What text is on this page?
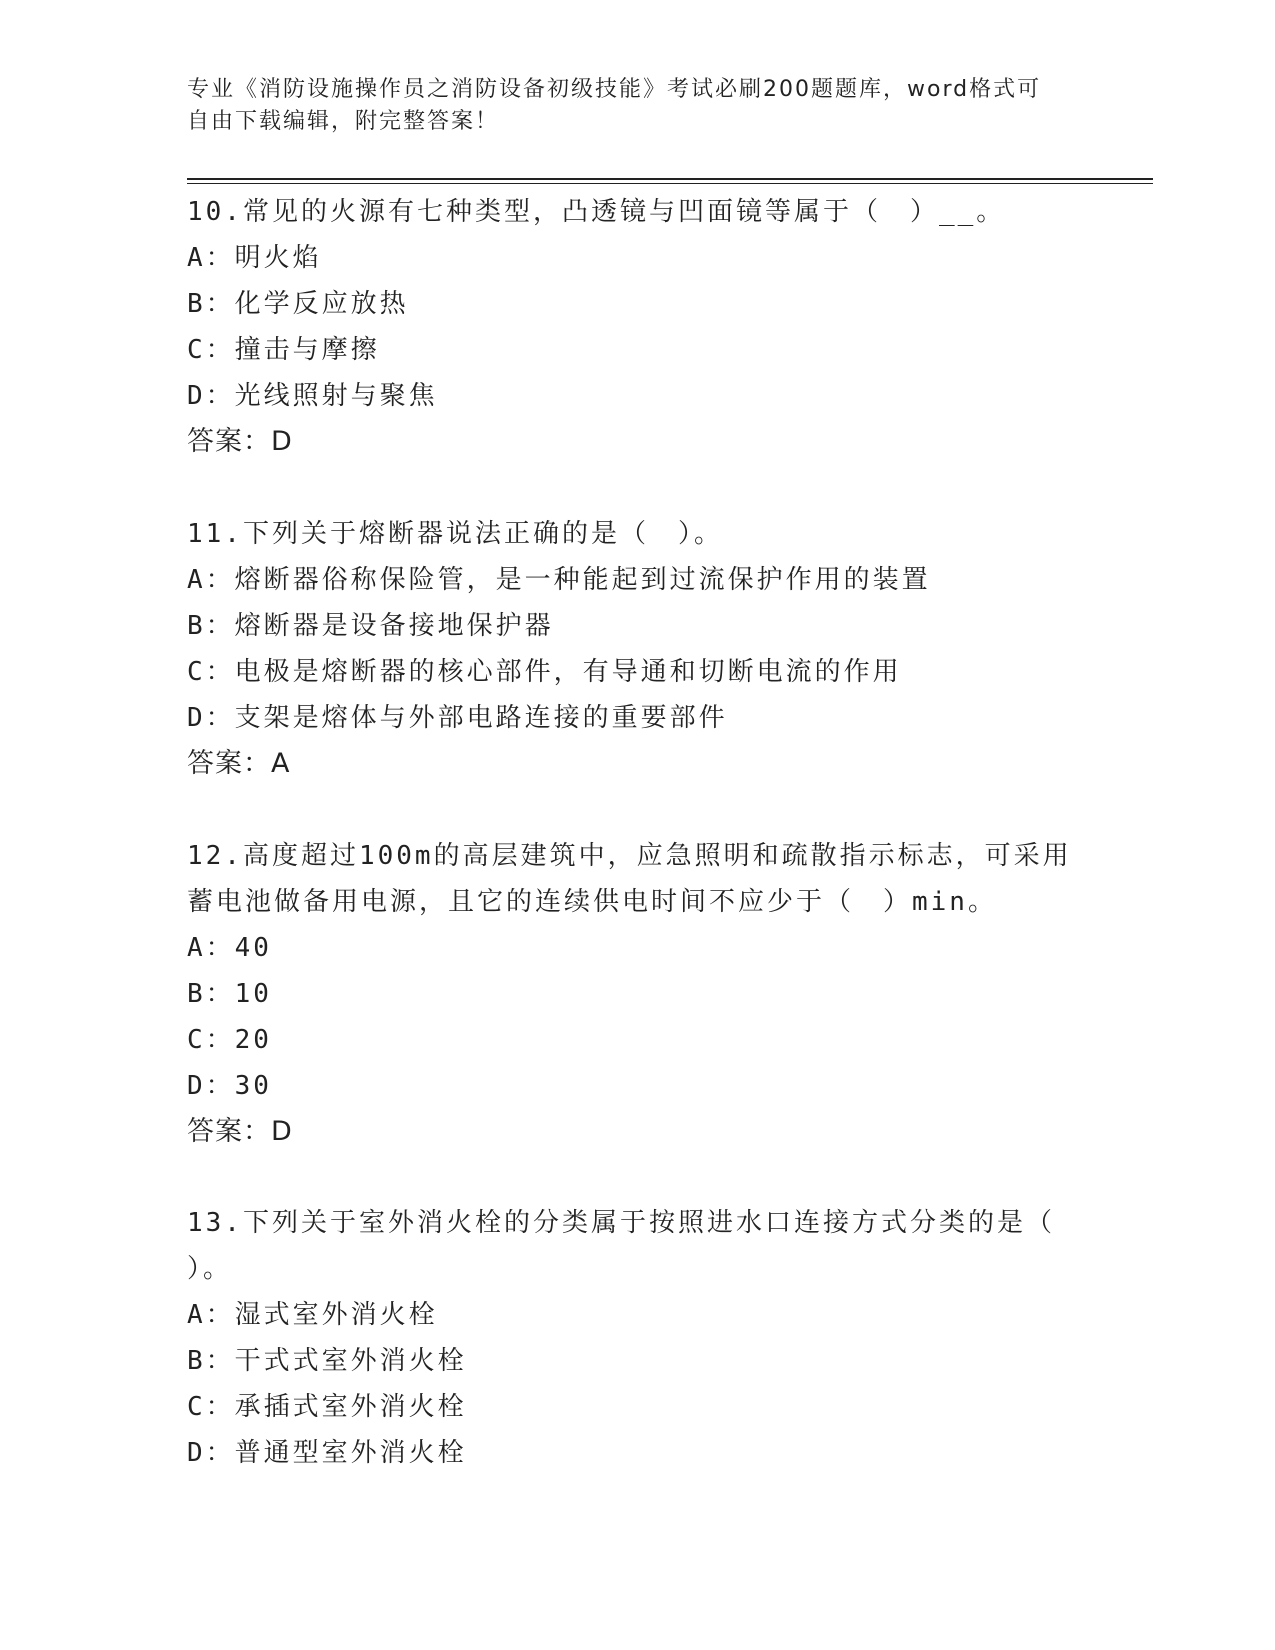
专业《消防设施操作员之消防设备初级技能》考试必刷200题题库，word格式可
自由下载编辑，附完整答案！
10.常见的火源有七种类型，凸透镜与凹面镜等属于（　）__。
A：明火焰
B：化学反应放热
C：撞击与摩擦
D：光线照射与聚焦
答案：D
11.下列关于熔断器说法正确的是（　）。
A：熔断器俗称保险管，是一种能起到过流保护作用的装置
B：熔断器是设备接地保护器
C：电极是熔断器的核心部件，有导通和切断电流的作用
D：支架是熔体与外部电路连接的重要部件
答案：A
12.高度超过100m的高层建筑中，应急照明和疏散指示标志，可采用
蓄电池做备用电源，且它的连续供电时间不应少于（　）min。
A：40
B：10
C：20
D：30
答案：D
13.下列关于室外消火栓的分类属于按照进水口连接方式分类的是（
）。
A：湿式室外消火栓
B：干式式室外消火栓
C：承插式室外消火栓
D：普通型室外消火栓
